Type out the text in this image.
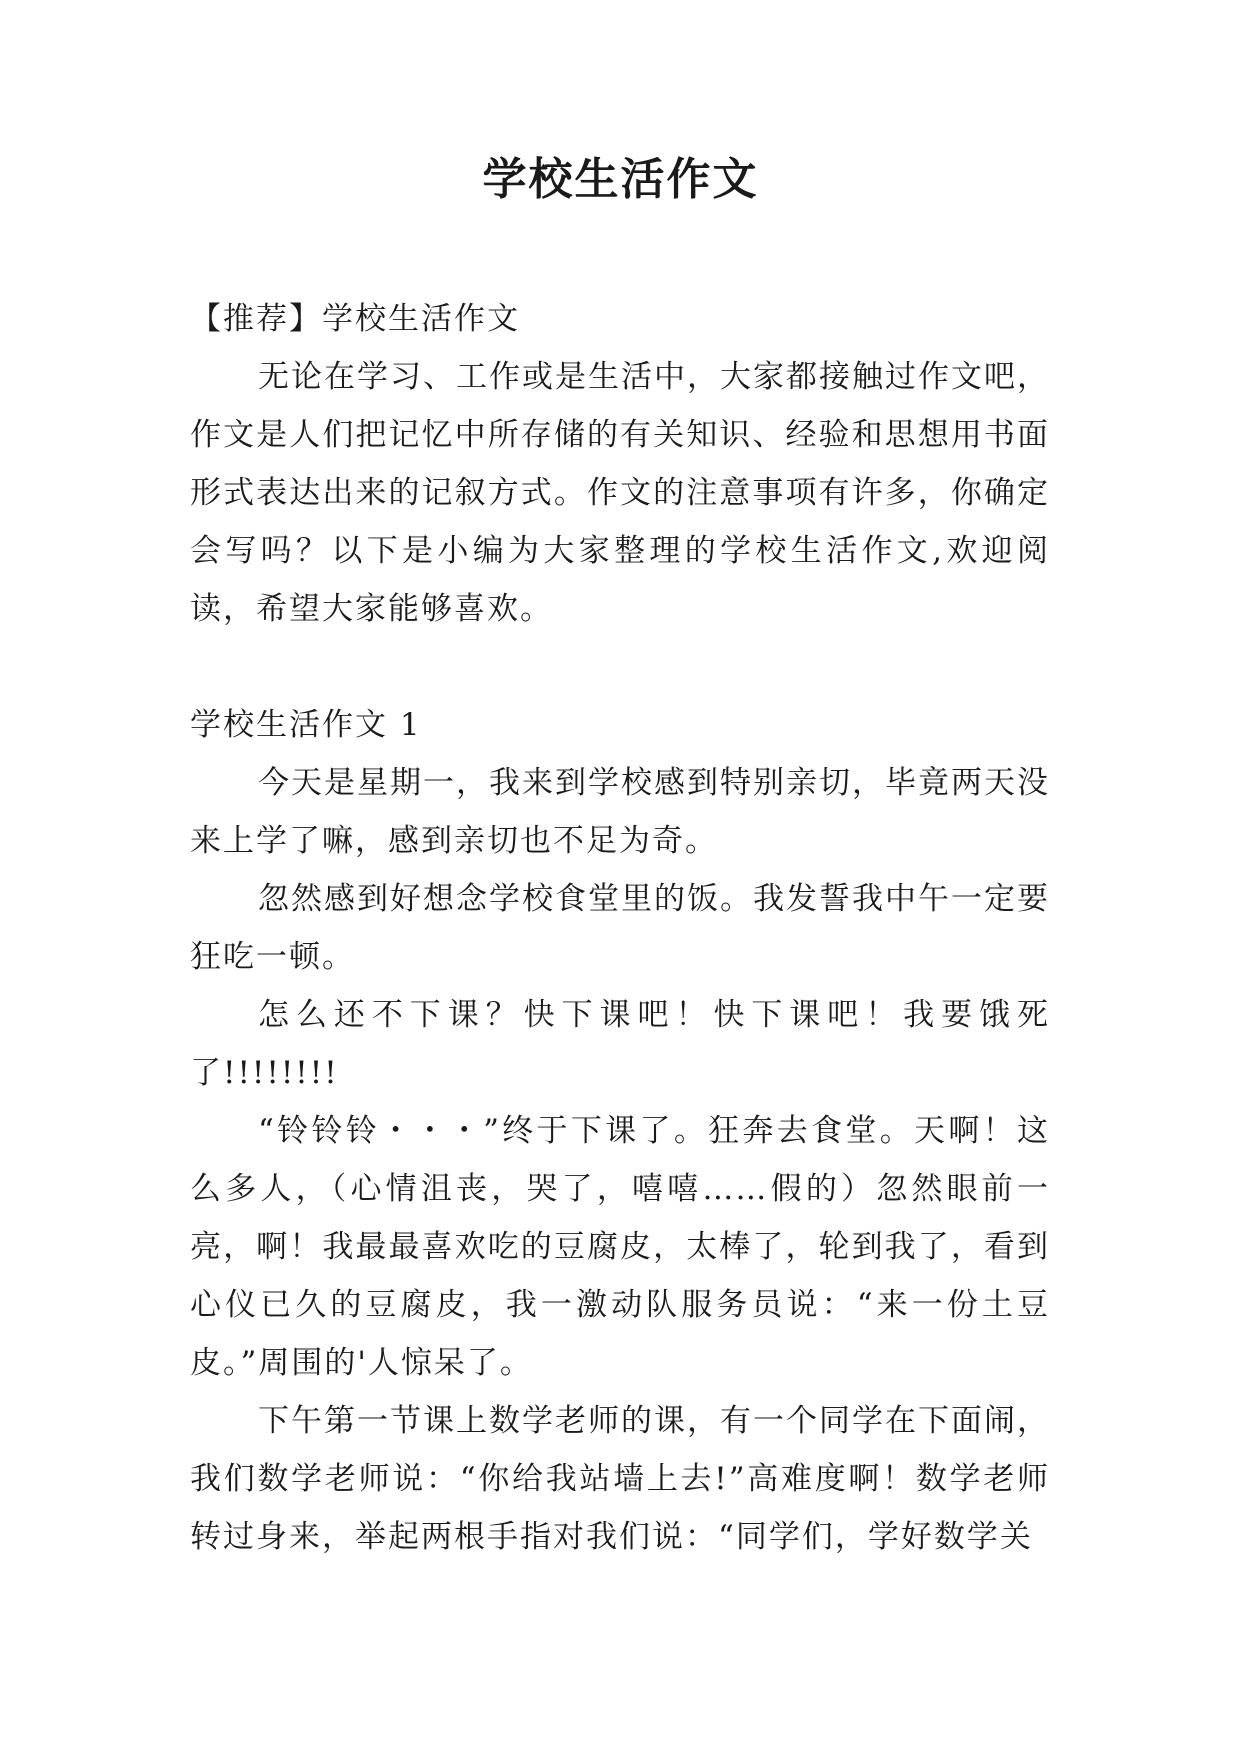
学校生活作文

【推荐】学校生活作文

无论在学习、工作或是生活中，大家都接触过作文吧，作文是人们把记忆中所存储的有关知识、经验和思想用书面形式表达出来的记叙方式。作文的注意事项有许多，你确定会写吗？以下是小编为大家整理的学校生活作文,欢迎阅读，希望大家能够喜欢。

学校生活作文 1

今天是星期一，我来到学校感到特别亲切，毕竟两天没来上学了嘛，感到亲切也不足为奇。

忽然感到好想念学校食堂里的饭。我发誓我中午一定要狂吃一顿。

怎么还不下课？快下课吧！快下课吧！我要饿死了!!!!!!!!

“铃铃铃・・・”终于下课了。狂奔去食堂。天啊！这么多人，（心情沮丧，哭了，嘻嘻……假的）忽然眼前一亮，啊！我最最喜欢吃的豆腐皮，太棒了，轮到我了，看到心仪已久的豆腐皮，我一激动队服务员说：“来一份土豆皮。”周围的'人惊呆了。

下午第一节课上数学老师的课，有一个同学在下面闹，我们数学老师说：“你给我站墙上去!”高难度啊！数学老师转过身来，举起两根手指对我们说：“同学们，学好数学关
